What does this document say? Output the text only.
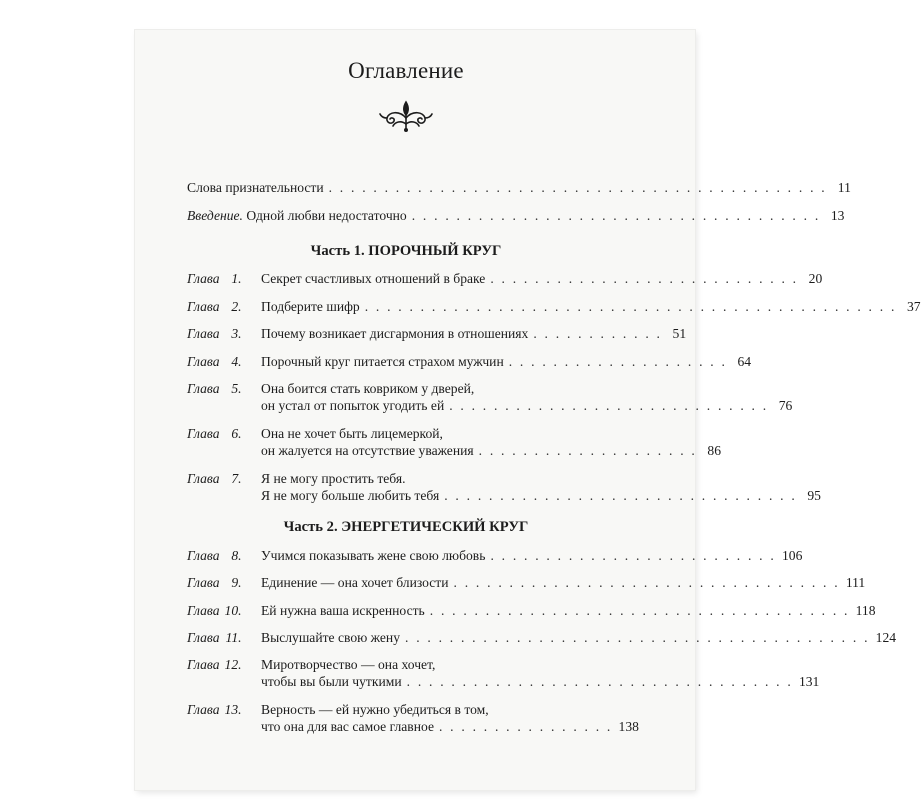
Оглавление
Слова признательности . . . . . . . . . . . . . . . . . . . . . . . . . . . . . . . . . . . . . . . . . . . . . 11
Введение.
Одной любви недостаточно . . . . . . . . . . . . . . . . . . . . . . . . . . . . . . . . . . . . . 13
Часть 1. ПОРОЧНЫЙ КРУГ
Глава 1.	Секрет счастливых отношений в браке . . . . . . . . . . . . . . . . . . . . . . . . . . . . 20
Глава 2.	Подберите шифр . . . . . . . . . . . . . . . . . . . . . . . . . . . . . . . . . . . . . . . . . . . . . . . . 37
Глава 3.	Почему возникает дисгармония в отношениях . . . . . . . . . . . . 51
Глава 4.	Порочный круг питается страхом мужчин . . . . . . . . . . . . . . . . . . . . 64
Глава 5.	Она боится стать ковриком у дверей,
он устал от попыток угодить ей . . . . . . . . . . . . . . . . . . . . . . . . . . . . . 76
Глава 6.	Она не хочет быть лицемеркой,
он жалуется на отсутствие уважения . . . . . . . . . . . . . . . . . . . . 86
Глава 7.	Я не могу простить тебя.
Я не могу больше любить тебя . . . . . . . . . . . . . . . . . . . . . . . . . . . . . . . . 95
Часть 2. ЭНЕРГЕТИЧЕСКИЙ КРУГ
Глава 8.	Учимся показывать жене свою любовь . . . . . . . . . . . . . . . . . . . . . . . . . . 106
Глава 9.	Единение — она хочет близости . . . . . . . . . . . . . . . . . . . . . . . . . . . . . . . . . . . 111
Глава 10.	Ей нужна ваша искренность . . . . . . . . . . . . . . . . . . . . . . . . . . . . . . . . . . . . . . 118
Глава 11.	Выслушайте свою жену . . . . . . . . . . . . . . . . . . . . . . . . . . . . . . . . . . . . . . . . . . 124
Глава 12.	Миротворчество — она хочет,
чтобы вы были чуткими . . . . . . . . . . . . . . . . . . . . . . . . . . . . . . . . . . . 131
Глава 13.	Верность — ей нужно убедиться в том,
что она для вас самое главное . . . . . . . . . . . . . . . . 138
